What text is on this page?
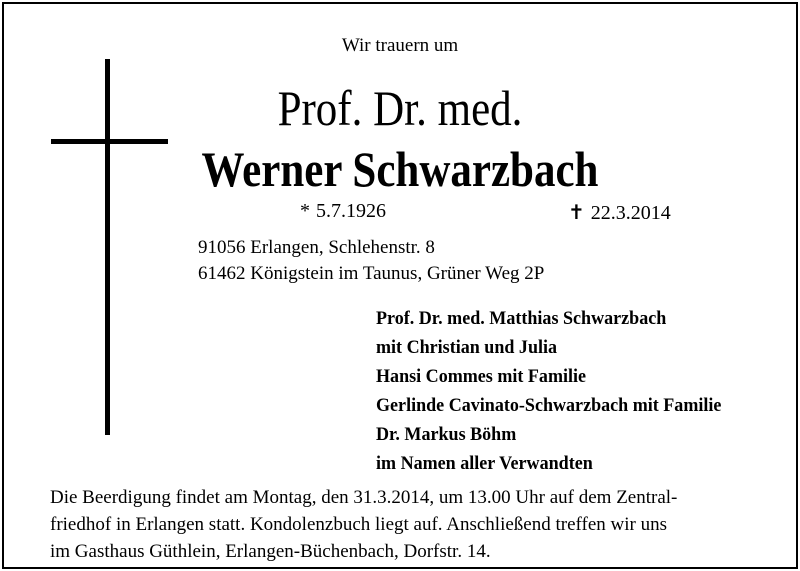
Wir trauern um
Prof. Dr. med.
Werner Schwarzbach
* 5.7.1926	✝ 22.3.2014
91056 Erlangen, Schlehenstr. 8
61462 Königstein im Taunus, Grüner Weg 2P
Prof. Dr. med. Matthias Schwarzbach
mit Christian und Julia
Hansi Commes mit Familie
Gerlinde Cavinato-Schwarzbach mit Familie
Dr. Markus Böhm
im Namen aller Verwandten
Die Beerdigung findet am Montag, den 31.3.2014, um 13.00 Uhr auf dem Zentral-
friedhof in Erlangen statt. Kondolenzbuch liegt auf. Anschließend treffen wir uns
im Gasthaus Güthlein, Erlangen-Büchenbach, Dorfstr. 14.
